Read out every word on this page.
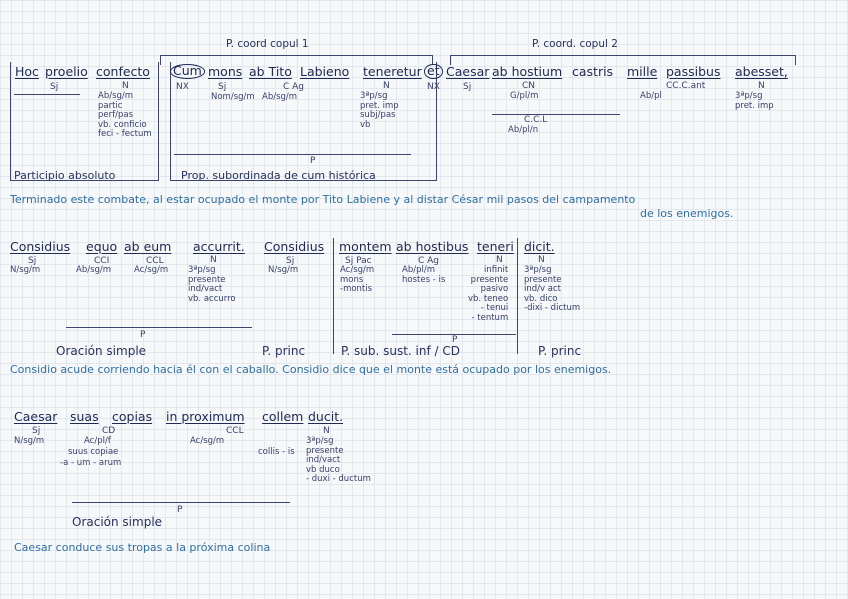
P. coord copul 1	P. coord. copul 2
Hoc proelio confecto
Sj	N
Ab/sg/m
partic
perf/pas
vb. conficio
feci - fectum
Participio absoluto
Cum mons ab Tito Labieno teneretur
NX	Sj
Nom/sg/m
C Ag
Ab/sg/m
N
3ªp/sg
pret. imp
subj/pas
vb
P
Prop. subordinada de cum histórica
et Caesar ab hostium castris mille passibus abesset,
NX	Sj	CN
G/pl/m
CC.C.ant
Ab/pl
N
3ªp/sg
pret. imp
C.C.L
Ab/pl/n
Terminado este combate, al estar ocupado el monte por Tito Labiene y al distar César mil pasos del campamento
de los enemigos.
Considius equo ab eum accurrit. Considius
Sj
N/sg/m
CCI
Ab/sg/m
CCL
Ac/sg/m
N
3ªp/sg
presente
ind/vact
vb. accurro
Sj
N/sg/m
P
Oración simple	P. princ
montem ab hostibus teneri
Sj Pac
Ac/sg/m
mons
-montis
C Ag
Ab/pl/m
hostes - is
N
infinit
presente
pasivo
vb. teneo
- tenui
- tentum
dicit.
N
3ªp/sg
presente
ind/v act
vb. dico
-dixi - dictum
P
P. sub. sust. inf / CD	P. princ
Considio acude corriendo hacia él con el caballo. Considio dice que el monte está ocupado por los enemigos.
Caesar suas copias in proximum collem ducit.
Sj
N/sg/m
CD
Ac/pl/f
suus copiae
-a - um - arum
CCL
Ac/sg/m
collis - is
N
3ªp/sg
presente
ind/vact
vb duco
- duxi - ductum
P
Oración simple
Caesar conduce sus tropas a la próxima colina
